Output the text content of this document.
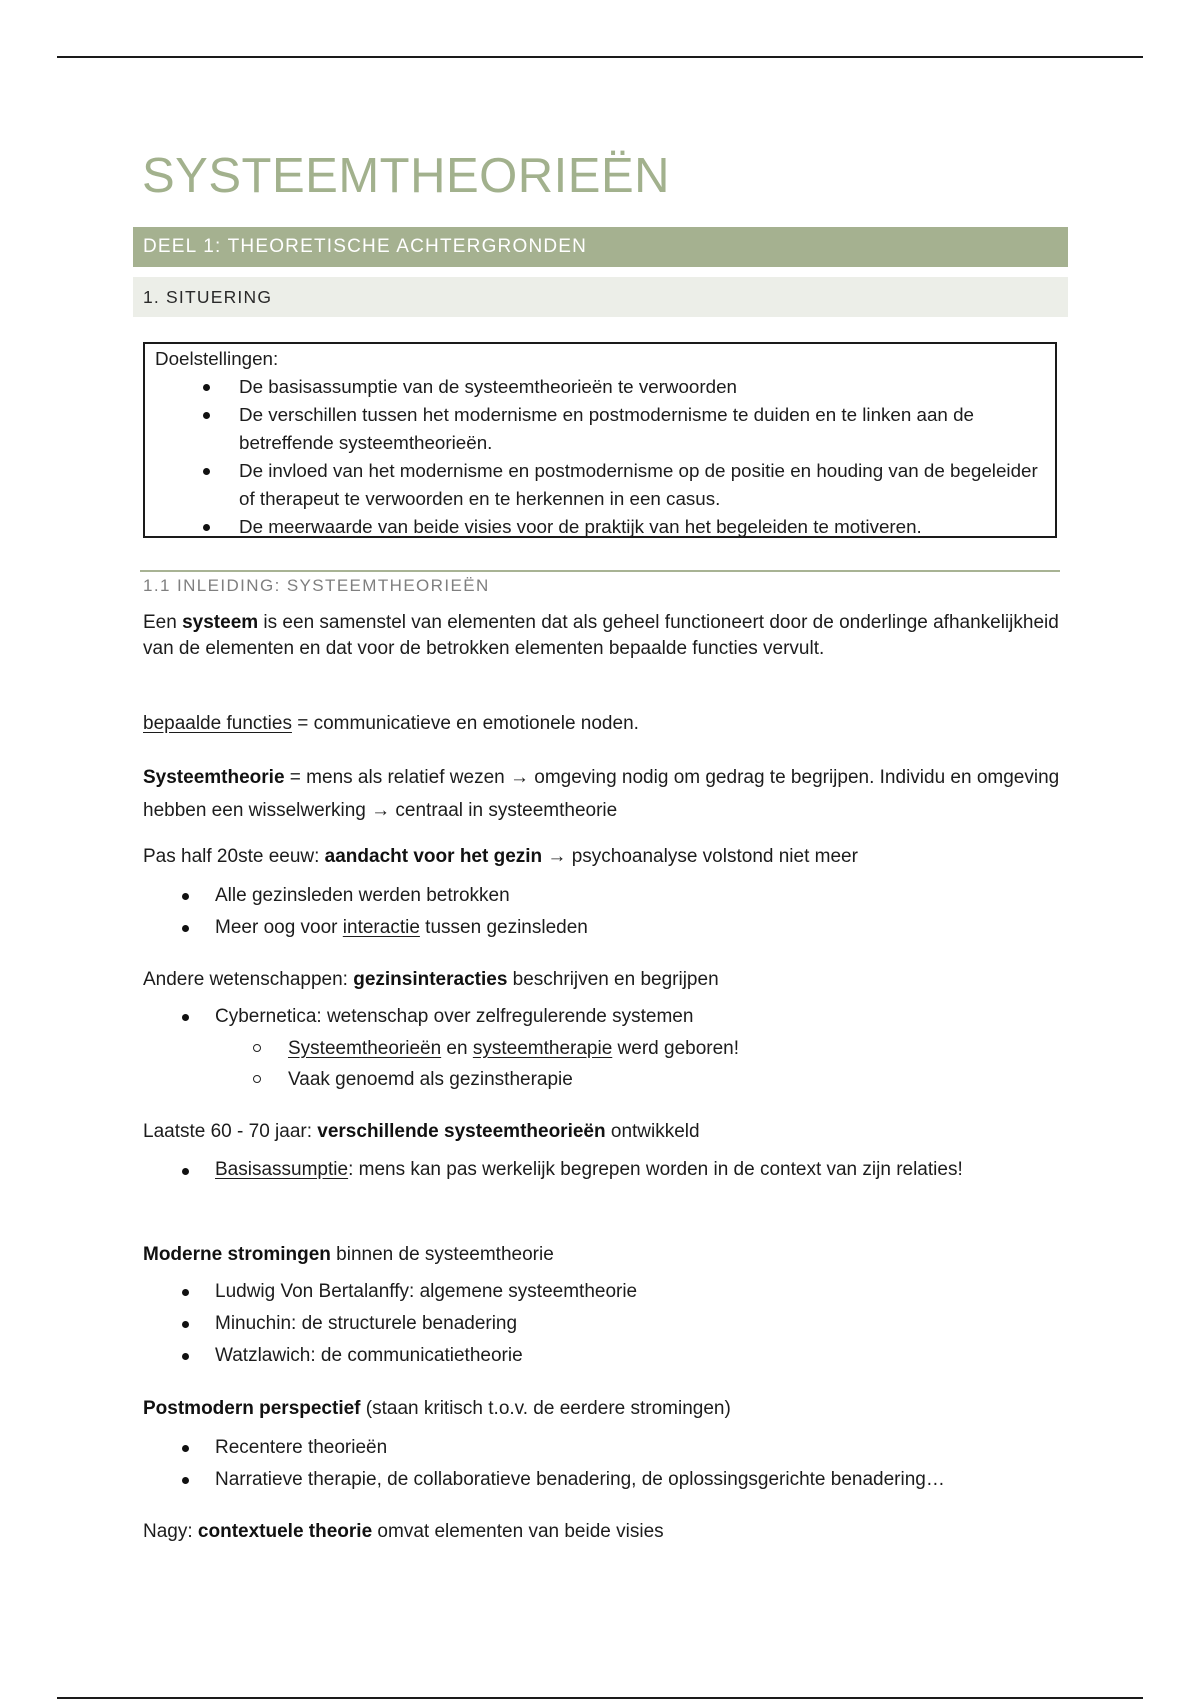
SYSTEEMTHEORIEËN
DEEL 1: THEORETISCHE ACHTERGRONDEN
1. SITUERING
Doelstellingen:
De basisassumptie van de systeemtheorieën te verwoorden
De verschillen tussen het modernisme en postmodernisme te duiden en te linken aan de betreffende systeemtheorieën.
De invloed van het modernisme en postmodernisme op de positie en houding van de begeleider of therapeut te verwoorden en te herkennen in een casus.
De meerwaarde van beide visies voor de praktijk van het begeleiden te motiveren.
1.1 INLEIDING: SYSTEEMTHEORIEËN

Een systeem is een samenstel van elementen dat als geheel functioneert door de onderlinge afhankelijkheid van de elementen en dat voor de betrokken elementen bepaalde functies vervult.

bepaalde functies = communicatieve en emotionele noden.

Systeemtheorie = mens als relatief wezen → omgeving nodig om gedrag te begrijpen. Individu en omgeving hebben een wisselwerking → centraal in systeemtheorie

Pas half 20ste eeuw: aandacht voor het gezin → psychoanalyse volstond niet meer

Alle gezinsleden werden betrokken
Meer oog voor interactie tussen gezinsleden

Andere wetenschappen: gezinsinteracties beschrijven en begrijpen

Cybernetica: wetenschap over zelfregulerende systemen
Systeemtheorieën en systeemtherapie werd geboren!
Vaak genoemd als gezinstherapie

Laatste 60 - 70 jaar: verschillende systeemtheorieën ontwikkeld

Basisassumptie: mens kan pas werkelijk begrepen worden in de context van zijn relaties!

Moderne stromingen binnen de systeemtheorie

Ludwig Von Bertalanffy: algemene systeemtheorie
Minuchin: de structurele benadering
Watzlawich: de communicatietheorie

Postmodern perspectief (staan kritisch t.o.v. de eerdere stromingen)

Recentere theorieën
Narratieve therapie, de collaboratieve benadering, de oplossingsgerichte benadering…

Nagy: contextuele theorie omvat elementen van beide visies
